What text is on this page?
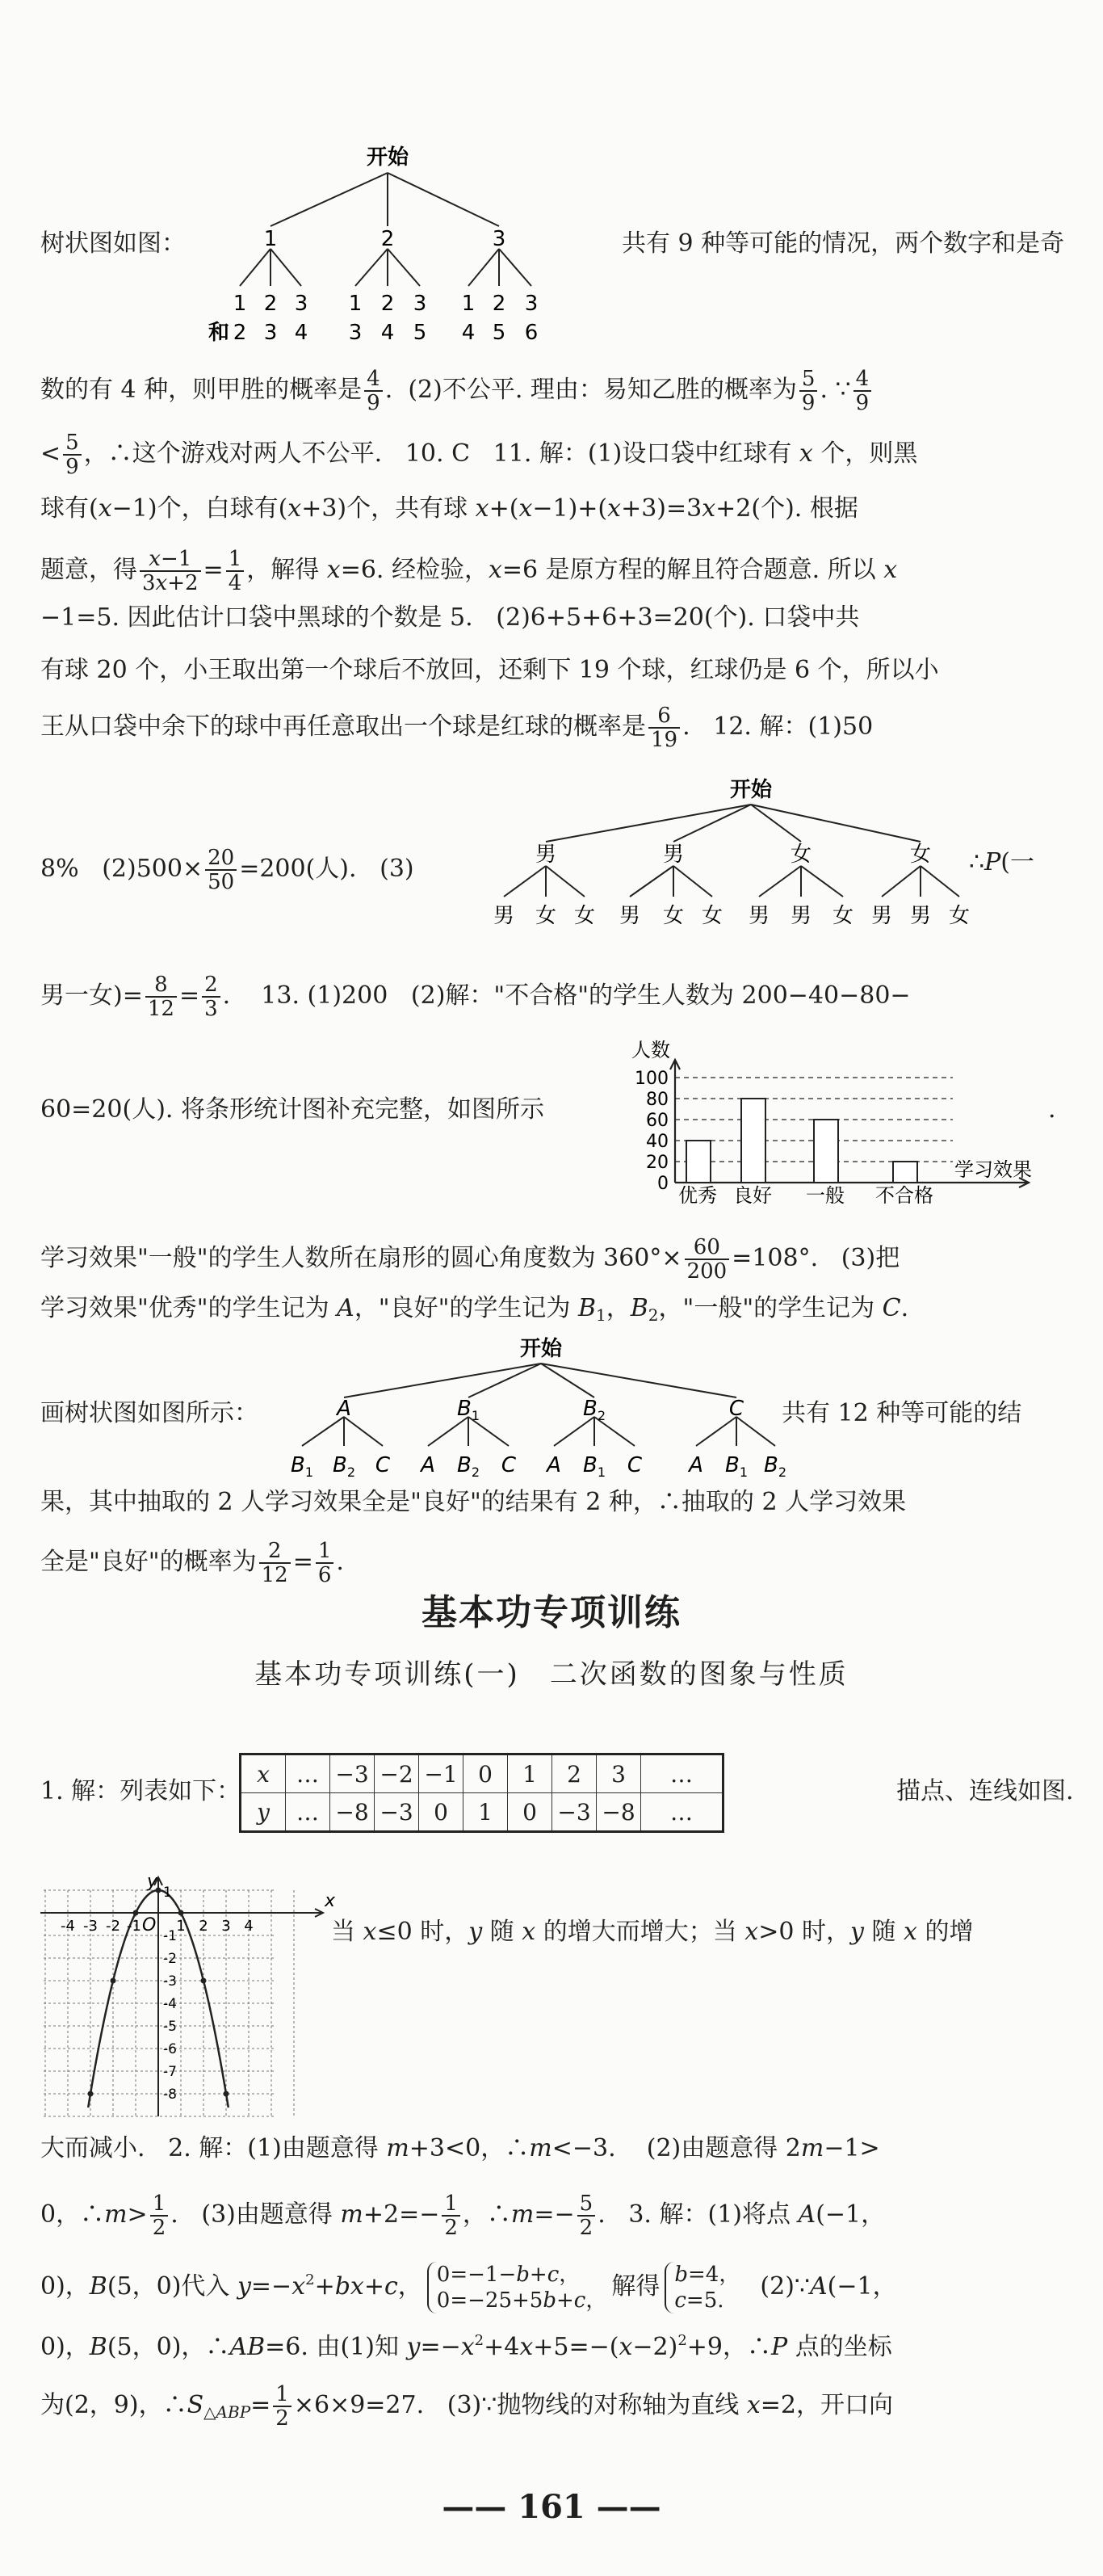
开始
1	2	3
1 2 3 1 2 3 1 2 3
和 2 3 4 3 4 5 4 5 6
树状图如图：	共有 9 种等可能的情况，两个数字和是奇
数的有 4 种，则甲胜的概率是 $\frac{4}{9}$ .  (2)不公平. 理由：易知乙胜的概率为 $\frac{5}{9}$ . ∵ $\frac{4}{9}$
< $\frac{5}{9}$ ，∴这个游戏对两人不公平.   10. C   11. 解：(1)设口袋中红球有 x 个，则黑
球有(x−1)个，白球有(x+3)个，共有球 x+(x−1)+(x+3)=3x+2(个). 根据
题意，得 $\frac{x-1}{3x+2} = \frac{1}{4}$ ，解得 x=6. 经检验，x=6 是原方程的解且符合题意. 所以 x
−1=5. 因此估计口袋中黑球的个数是 5.   (2)6+5+6+3=20(个). 口袋中共
有球 20 个，小王取出第一个球后不放回，还剩下 19 个球，红球仍是 6 个，所以小
王从口袋中余下的球中再任意取出一个球是红球的概率是 $\frac{6}{19}$ .   12. 解：(1)50
开始
男	男	女	女
男 女 女 男 女 女 男 男 女 男 男 女
8%   $(2)500\times \frac{20}{50} =200$(人).   (3)	∴P(一
男一女)= $\frac{8}{12} = \frac{2}{3}$ .    13. (1)200   (2)解："不合格"的学生人数为 200−40−80−
人数
0
20
40
60
80
100
学习效果
优秀 良好 一般 不合格
60=20(人). 将条形统计图补充完整，如图所示	.
学习效果"一般"的学生人数所在扇形的圆心角度数为 $360^\circ\times \frac{60}{200} =108^\circ$.   (3)把
学习效果"优秀"的学生记为 A，"良好"的学生记为 $B_1$，$B_2$，"一般"的学生记为 C.
开始
A	$B_1$	$B_2$	C
$B_1$ $B_2$ C A $B_2$ C A $B_1$ C A $B_1$ $B_2$
画树状图如图所示：	共有 12 种等可能的结
果，其中抽取的 2 人学习效果全是"良好"的结果有 2 种，∴抽取的 2 人学习效果
全是"良好"的概率为 $\frac{2}{12} = \frac{1}{6}$ .
基本功专项训练
基本功专项训练(一)　二次函数的图象与性质
1. 解：列表如下：
x	…	−3	−2	−1	0	1	2	3	…
y	…	−8	−3	0	1	0	−3	−8	…
描点、连线如图.
x
y
O
-4 -3 -2 -1 1 2 3 4
1
-1
-2
-3
-4
-5
-6
-7
-8
当 x≤0 时，y 随 x 的增大而增大；当 x>0 时，y 随 x 的增
大而减小.   2. 解：(1)由题意得 m+3<0，∴m<−3.    (2)由题意得 2m−1>
0，∴m> $\frac{1}{2}$ .   (3)由题意得 $m+2=- \frac{1}{2}$ ，∴m=− $\frac{5}{2}$ .   3. 解：(1)将点 A(−1，
0)，B(5，0)代入 $y=-x^2+bx+c$， 0=−1−b+c，
0=−25+5b+c， 解得 b=4，
c=5. (2)∵A(−1，
0)，B(5，0)，∴AB=6. 由(1)知 $y=-x^2+4x+5=-(x-2)^2+9$，∴P 点的坐标
为(2，9)，$\therefore S_{\triangle ABP}= \frac{1}{2} \times 6\times 9=27$.   (3)∵抛物线的对称轴为直线 x=2，开口向
—— 161 ——
